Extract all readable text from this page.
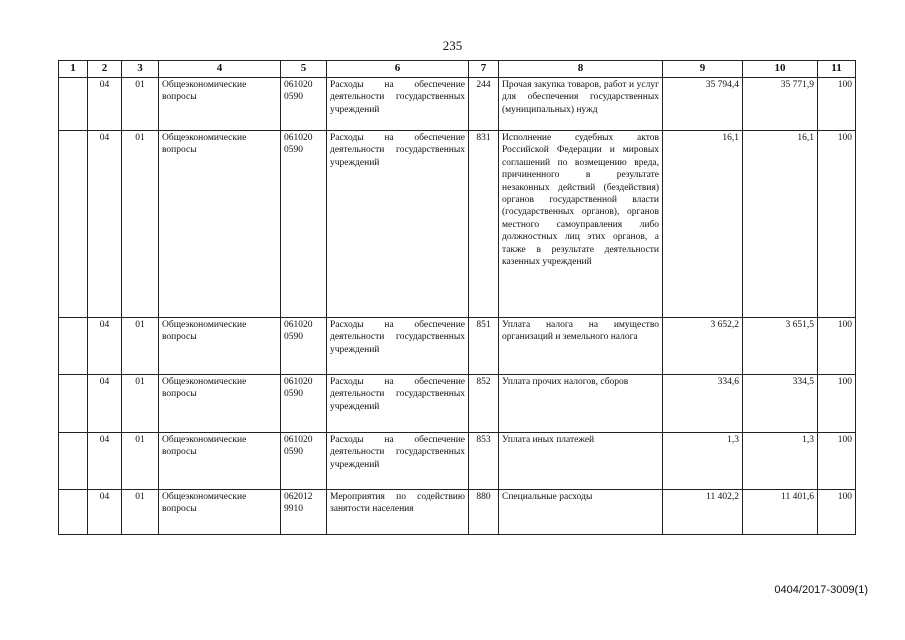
235
1	2	3	4	5	6	7	8	9	10	11
	04	01	Общеэкономические вопросы	061020 0590	Расходы на обеспечение деятельности государственных учреждений	244	Прочая закупка товаров, работ и услуг для обеспечения государственных (муниципальных) нужд	35 794,4	35 771,9	100
	04	01	Общеэкономические вопросы	061020 0590	Расходы на обеспечение деятельности государственных учреждений	831	Исполнение судебных актов Российской Федерации и мировых соглашений по возмещению вреда, причиненного в результате незаконных действий (бездействия) органов государственной власти (государственных органов), органов местного самоуправления либо должностных лиц этих органов, а также в результате деятельности казенных учреждений	16,1	16,1	100
	04	01	Общеэкономические вопросы	061020 0590	Расходы на обеспечение деятельности государственных учреждений	851	Уплата налога на имущество организаций и земельного налога	3 652,2	3 651,5	100
	04	01	Общеэкономические вопросы	061020 0590	Расходы на обеспечение деятельности государственных учреждений	852	Уплата прочих налогов, сборов	334,6	334,5	100
	04	01	Общеэкономические вопросы	061020 0590	Расходы на обеспечение деятельности государственных учреждений	853	Уплата иных платежей	1,3	1,3	100
	04	01	Общеэкономические вопросы	062012 9910	Мероприятия по содействию занятости населения	880	Специальные расходы	11 402,2	11 401,6	100
0404/2017-3009(1)
